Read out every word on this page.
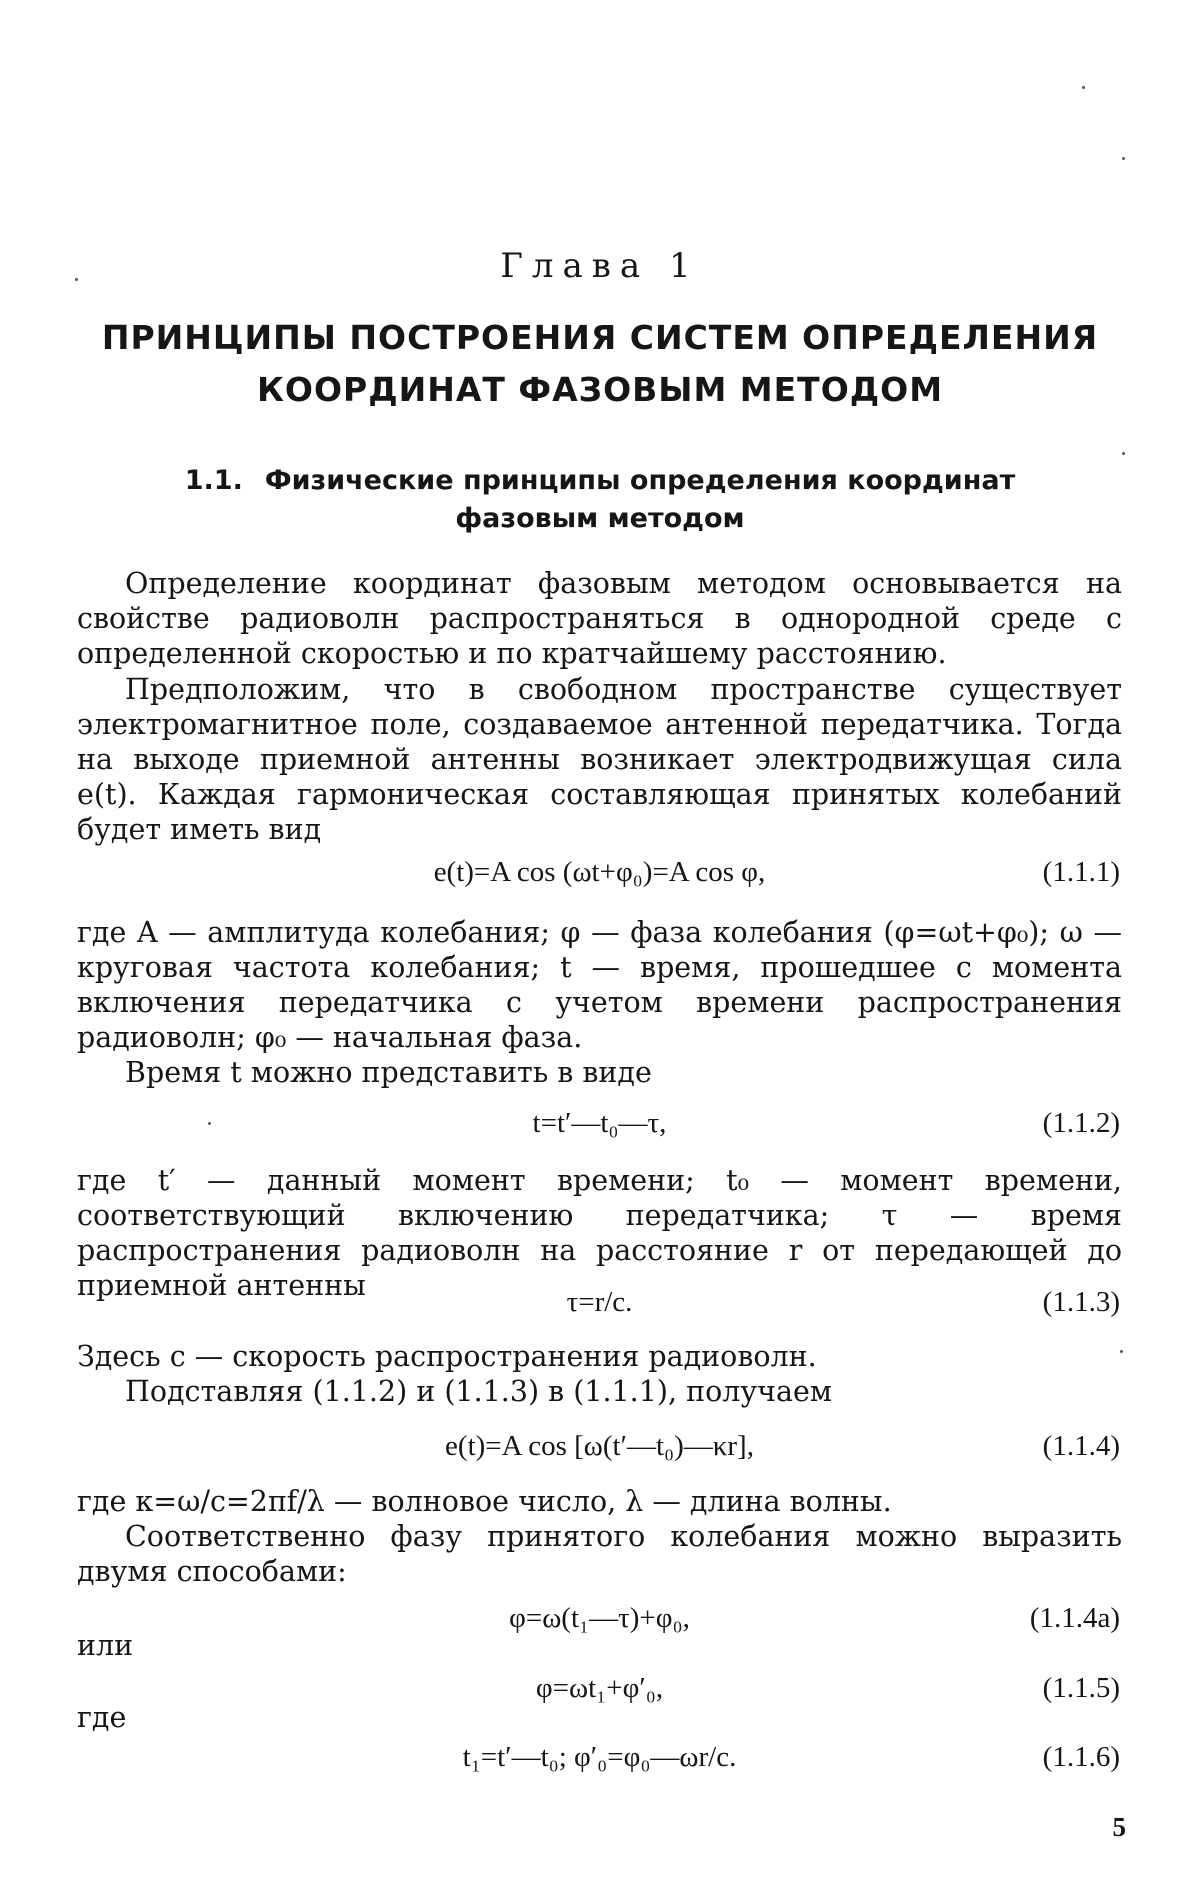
Глава 1
ПРИНЦИПЫ ПОСТРОЕНИЯ СИСТЕМ ОПРЕДЕЛЕНИЯ
КООРДИНАТ ФАЗОВЫМ МЕТОДОМ
1.1. Физические принципы определения координат
фазовым методом

Определение координат фазовым методом основывается на свойстве радиоволн распространяться в однородной среде с определенной скоростью и по кратчайшему расстоянию.

Предположим, что в свободном пространстве существует электромагнитное поле, создаваемое антенной передатчика. Тогда на выходе приемной антенны возникает электродвижущая сила e(t). Каждая гармоническая составляющая принятых колебаний будет иметь вид

e(t)=A cos (ωt+φ₀)=A cos φ,	(1.1.1)

где A — амплитуда колебания; φ — фаза колебания (φ=ωt+φ₀); ω — круговая частота колебания; t — время, прошедшее с момента включения передатчика с учетом времени распространения радиоволн; φ₀ — начальная фаза.

Время t можно представить в виде

t=t′—t₀—τ,	(1.1.2)

где t′ — данный момент времени; t₀ — момент времени, соответствующий включению передатчика; τ — время распространения радиоволн на расстояние r от передающей до приемной антенны	τ=r/c.	(1.1.3)

Здесь c — скорость распространения радиоволн.

Подставляя (1.1.2) и (1.1.3) в (1.1.1), получаем

e(t)=A cos [ω(t′—t₀)—κr],	(1.1.4)

где κ=ω/c=2πf/λ — волновое число, λ — длина волны.

Соответственно фазу принятого колебания можно выразить двумя способами:

φ=ω(t₁—τ)+φ₀,	(1.1.4а)
или
φ=ωt₁+φ′₀,	(1.1.5)
где
t₁=t′—t₀; φ′₀=φ₀—ωr/c.	(1.1.6)
5
